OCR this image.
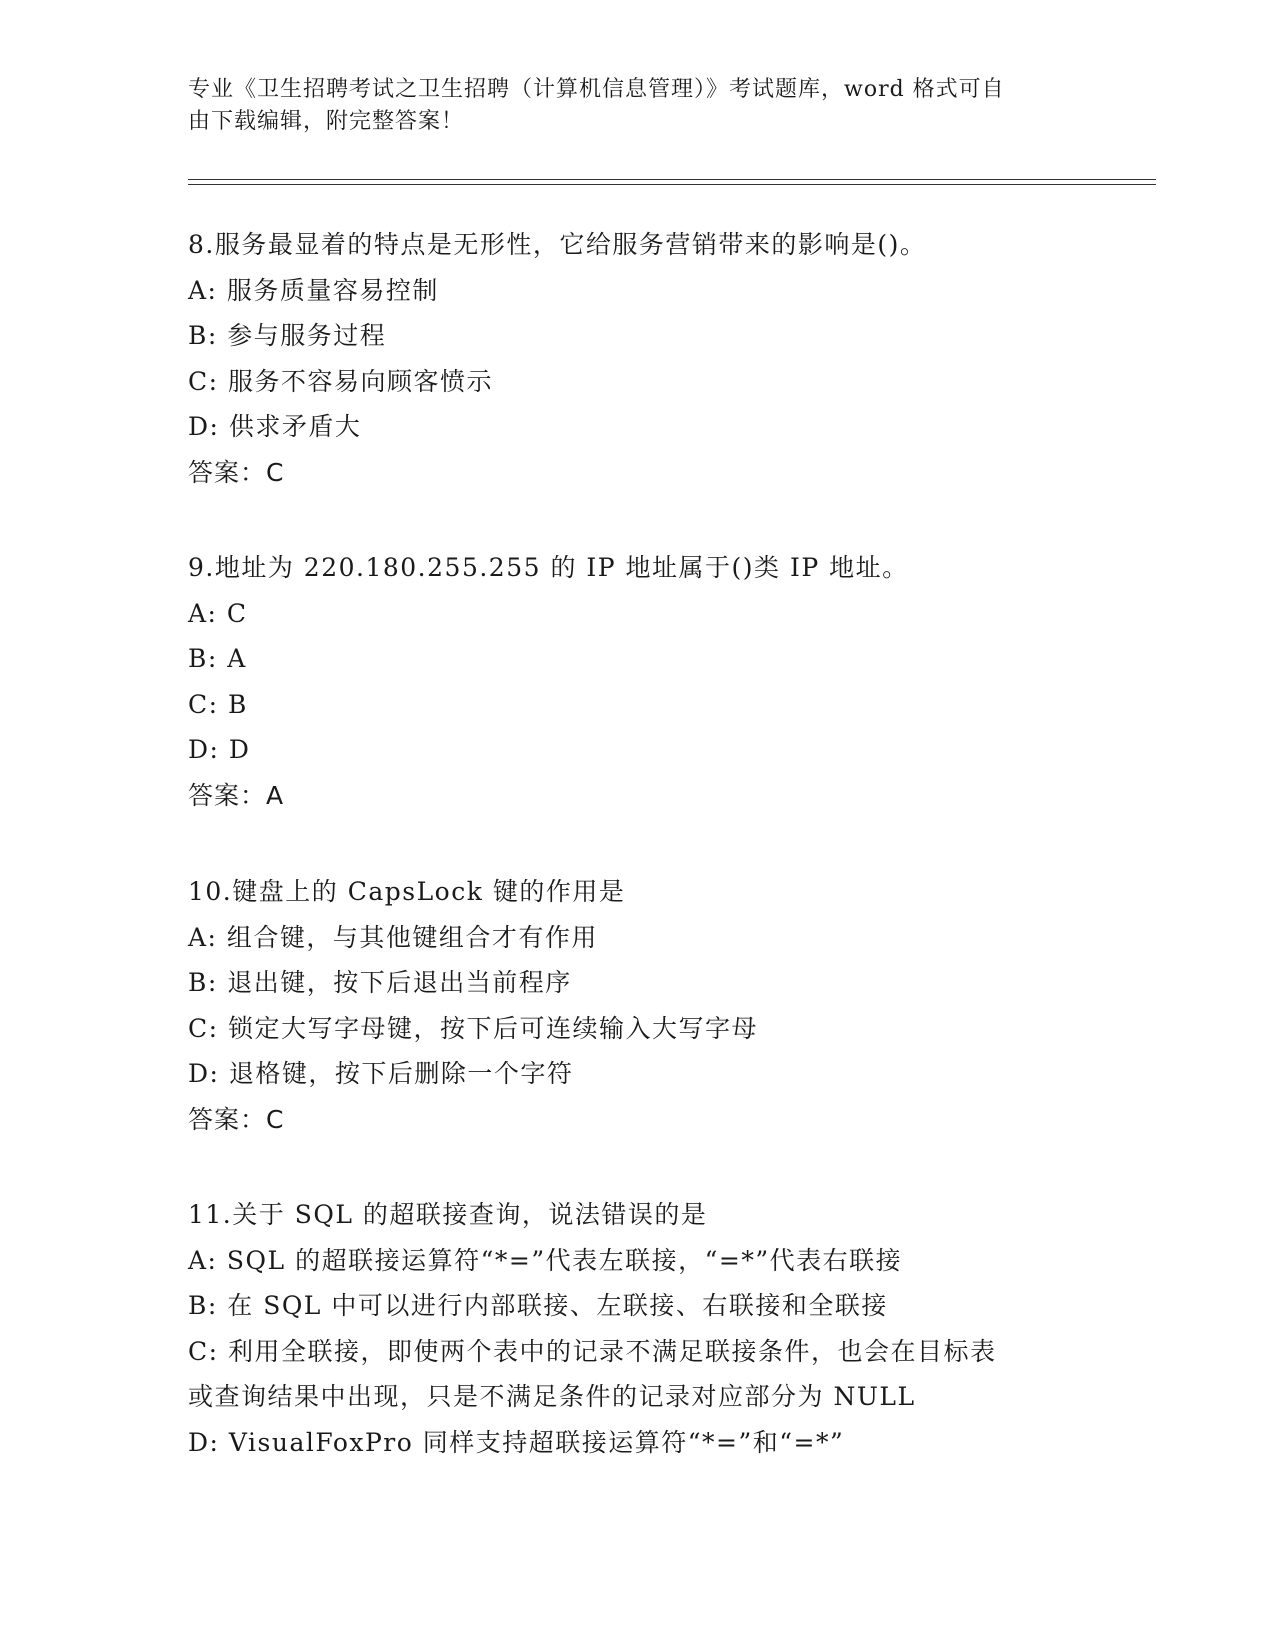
专业《卫生招聘考试之卫生招聘（计算机信息管理）》考试题库，word 格式可自
由下载编辑，附完整答案！
8.服务最显着的特点是无形性，它给服务营销带来的影响是()。
A: 服务质量容易控制
B: 参与服务过程
C: 服务不容易向顾客愤示
D: 供求矛盾大
答案：C
9.地址为 220.180.255.255 的 IP 地址属于()类 IP 地址。
A: C
B: A
C: B
D: D
答案：A
10.键盘上的 CapsLock 键的作用是
A: 组合键，与其他键组合才有作用
B: 退出键，按下后退出当前程序
C: 锁定大写字母键，按下后可连续输入大写字母
D: 退格键，按下后删除一个字符
答案：C
11.关于 SQL 的超联接查询，说法错误的是
A: SQL 的超联接运算符“*=”代表左联接，“=*”代表右联接
B: 在 SQL 中可以进行内部联接、左联接、右联接和全联接
C: 利用全联接，即使两个表中的记录不满足联接条件，也会在目标表
或查询结果中出现，只是不满足条件的记录对应部分为 NULL
D: VisualFoxPro 同样支持超联接运算符“*=”和“=*”
